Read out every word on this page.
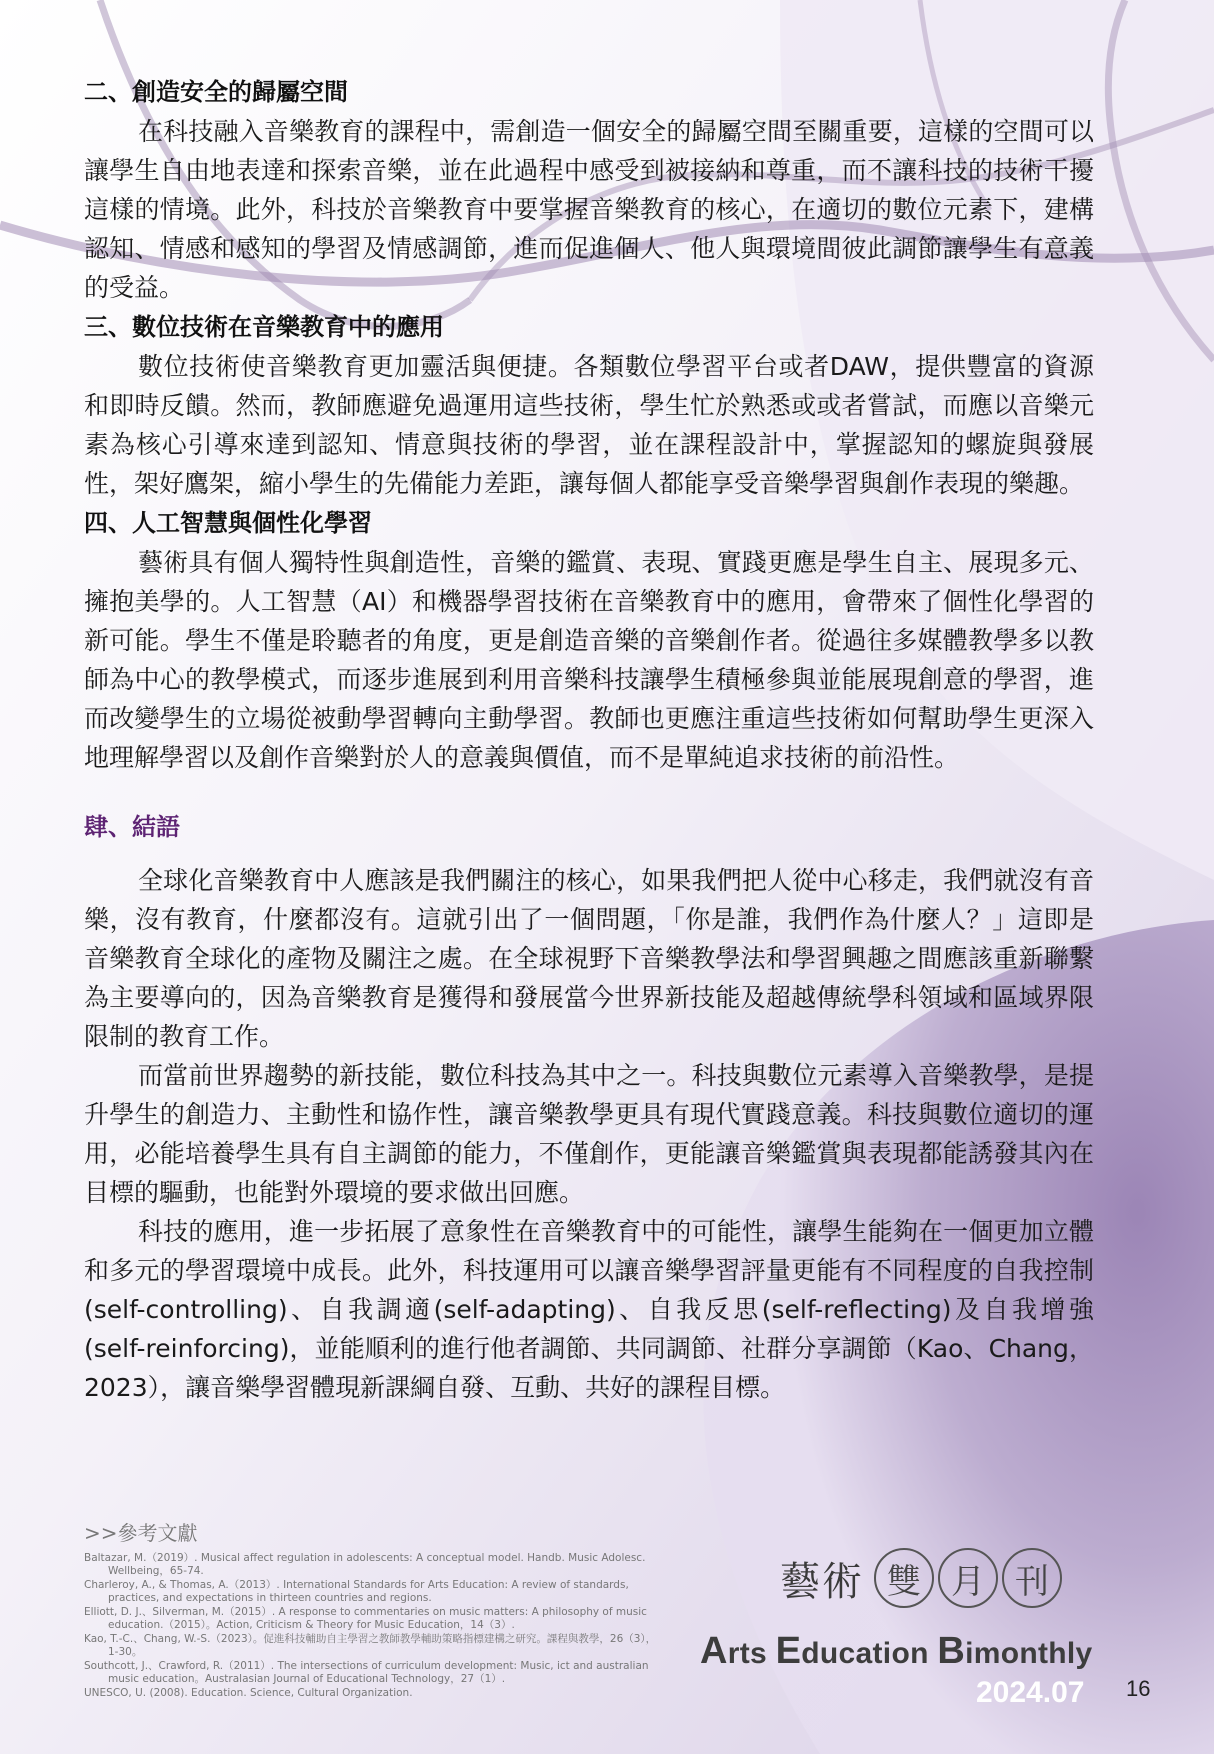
二、創造安全的歸屬空間

在科技融入音樂教育的課程中，需創造一個安全的歸屬空間至關重要，這樣的空間可以讓學生自由地表達和探索音樂，並在此過程中感受到被接納和尊重，而不讓科技的技術干擾這樣的情境。此外，科技於音樂教育中要掌握音樂教育的核心，在適切的數位元素下，建構認知、情感和感知的學習及情感調節，進而促進個人、他人與環境間彼此調節讓學生有意義的受益。

三、數位技術在音樂教育中的應用

數位技術使音樂教育更加靈活與便捷。各類數位學習平台或者DAW，提供豐富的資源和即時反饋。然而，教師應避免過運用這些技術，學生忙於熟悉或或者嘗試，而應以音樂元素為核心引導來達到認知、情意與技術的學習，並在課程設計中，掌握認知的螺旋與發展性，架好鷹架，縮小學生的先備能力差距，讓每個人都能享受音樂學習與創作表現的樂趣。

四、人工智慧與個性化學習

藝術具有個人獨特性與創造性，音樂的鑑賞、表現、實踐更應是學生自主、展現多元、擁抱美學的。人工智慧（AI）和機器學習技術在音樂教育中的應用，會帶來了個性化學習的新可能。學生不僅是聆聽者的角度，更是創造音樂的音樂創作者。從過往多媒體教學多以教師為中心的教學模式，而逐步進展到利用音樂科技讓學生積極參與並能展現創意的學習，進而改變學生的立場從被動學習轉向主動學習。教師也更應注重這些技術如何幫助學生更深入地理解學習以及創作音樂對於人的意義與價值，而不是單純追求技術的前沿性。

肆、結語

全球化音樂教育中人應該是我們關注的核心，如果我們把人從中心移走，我們就沒有音樂，沒有教育，什麼都沒有。這就引出了一個問題，「你是誰，我們作為什麼人？」這即是音樂教育全球化的產物及關注之處。在全球視野下音樂教學法和學習興趣之間應該重新聯繫為主要導向的，因為音樂教育是獲得和發展當今世界新技能及超越傳統學科領域和區域界限限制的教育工作。

而當前世界趨勢的新技能，數位科技為其中之一。科技與數位元素導入音樂教學，是提升學生的創造力、主動性和協作性，讓音樂教學更具有現代實踐意義。科技與數位適切的運用，必能培養學生具有自主調節的能力，不僅創作，更能讓音樂鑑賞與表現都能誘發其內在目標的驅動，也能對外環境的要求做出回應。

科技的應用，進一步拓展了意象性在音樂教育中的可能性，讓學生能夠在一個更加立體和多元的學習環境中成長。此外，科技運用可以讓音樂學習評量更能有不同程度的自我控制(self-controlling)、自我調適(self-adapting)、自我反思(self-reflecting)及自我增強(self-reinforcing)，並能順利的進行他者調節、共同調節、社群分享調節（Kao、Chang，2023），讓音樂學習體現新課綱自發、互動、共好的課程目標。

>>參考文獻
Baltazar, M.（2019）. Musical affect regulation in adolescents: A conceptual model. Handb. Music Adolesc. Wellbeing，65-74.
Charleroy, A., & Thomas, A.（2013）. International Standards for Arts Education: A review of standards, practices, and expectations in thirteen countries and regions.
Elliott, D. J.、Silverman, M.（2015）. A response to commentaries on music matters: A philosophy of music education.（2015）。Action, Criticism & Theory for Music Education，14（3）.
Kao, T.-C.、Chang, W.-S.（2023）。促進科技輔助自主學習之教師教學輔助策略指標建構之研究。課程與教學，26（3），1-30。
Southcott, J.、Crawford, R.（2011）. The intersections of curriculum development: Music, ict and australian music education。Australasian Journal of Educational Technology，27（1）.
UNESCO, U. (2008). Education. Science, Cultural Organization.
藝術 雙 月 刊
Arts Education Bimonthly
2024.07 16
